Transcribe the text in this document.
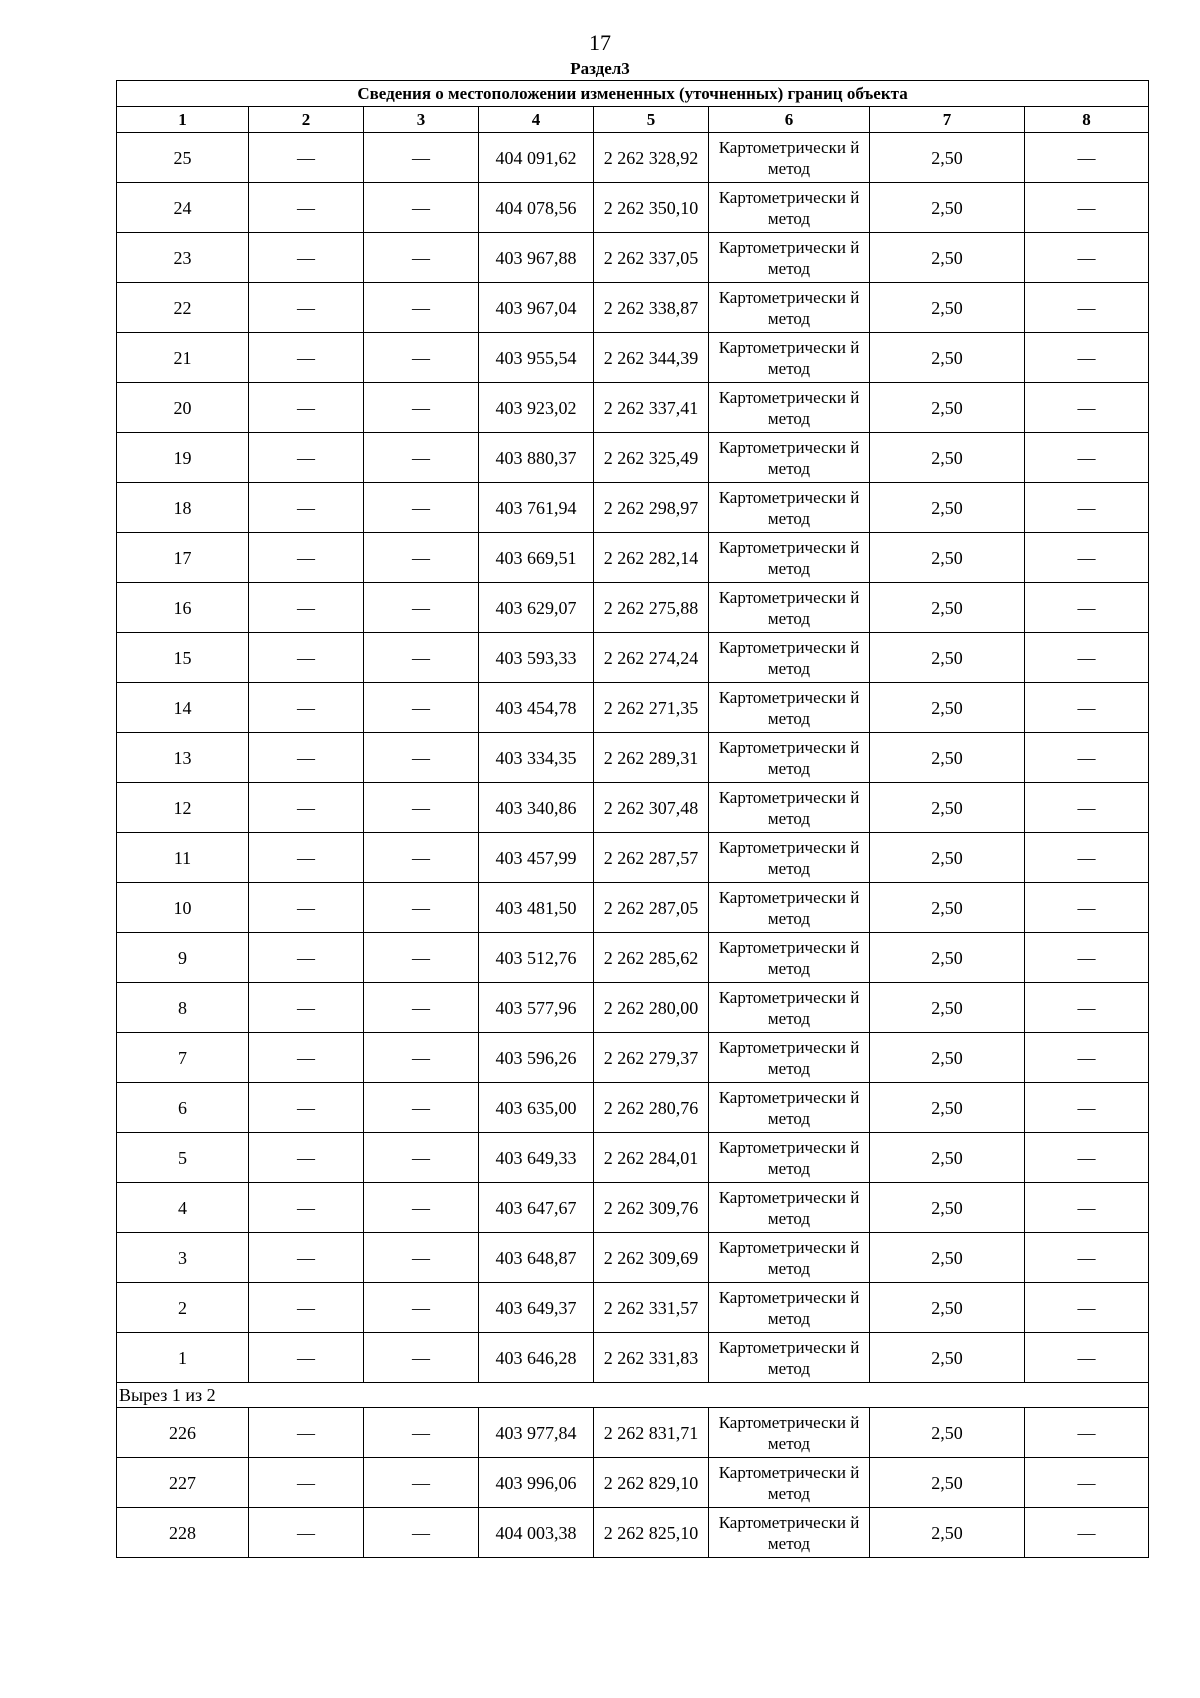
17
Раздел3
Сведения о местоположении измененных (уточненных) границ объекта							
1	2	3	4	5	6	7	8
25	—	—	404 091,62	2 262 328,92	Картометрически й метод	2,50	—
24	—	—	404 078,56	2 262 350,10	Картометрически й метод	2,50	—
23	—	—	403 967,88	2 262 337,05	Картометрически й метод	2,50	—
22	—	—	403 967,04	2 262 338,87	Картометрически й метод	2,50	—
21	—	—	403 955,54	2 262 344,39	Картометрически й метод	2,50	—
20	—	—	403 923,02	2 262 337,41	Картометрически й метод	2,50	—
19	—	—	403 880,37	2 262 325,49	Картометрически й метод	2,50	—
18	—	—	403 761,94	2 262 298,97	Картометрически й метод	2,50	—
17	—	—	403 669,51	2 262 282,14	Картометрически й метод	2,50	—
16	—	—	403 629,07	2 262 275,88	Картометрически й метод	2,50	—
15	—	—	403 593,33	2 262 274,24	Картометрически й метод	2,50	—
14	—	—	403 454,78	2 262 271,35	Картометрически й метод	2,50	—
13	—	—	403 334,35	2 262 289,31	Картометрически й метод	2,50	—
12	—	—	403 340,86	2 262 307,48	Картометрически й метод	2,50	—
11	—	—	403 457,99	2 262 287,57	Картометрически й метод	2,50	—
10	—	—	403 481,50	2 262 287,05	Картометрически й метод	2,50	—
9	—	—	403 512,76	2 262 285,62	Картометрически й метод	2,50	—
8	—	—	403 577,96	2 262 280,00	Картометрически й метод	2,50	—
7	—	—	403 596,26	2 262 279,37	Картометрически й метод	2,50	—
6	—	—	403 635,00	2 262 280,76	Картометрически й метод	2,50	—
5	—	—	403 649,33	2 262 284,01	Картометрически й метод	2,50	—
4	—	—	403 647,67	2 262 309,76	Картометрически й метод	2,50	—
3	—	—	403 648,87	2 262 309,69	Картометрически й метод	2,50	—
2	—	—	403 649,37	2 262 331,57	Картометрически й метод	2,50	—
1	—	—	403 646,28	2 262 331,83	Картометрически й метод	2,50	—
Вырез 1 из 2							
226	—	—	403 977,84	2 262 831,71	Картометрически й метод	2,50	—
227	—	—	403 996,06	2 262 829,10	Картометрически й метод	2,50	—
228	—	—	404 003,38	2 262 825,10	Картометрически й метод	2,50	—
